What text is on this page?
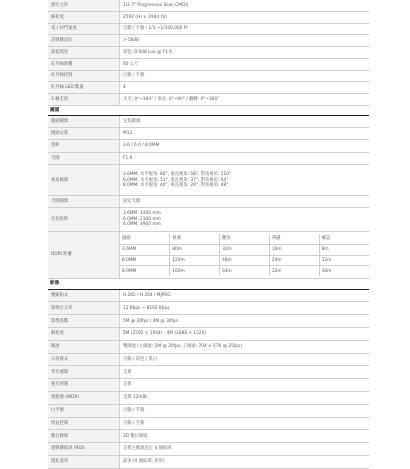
感光元件	1/2.7" Progressive Scan CMOS
解析度	2592 (H) × 1944 (V)
電子快門速度	自動 / 手動 / 1/3 ~1/100,000 秒
訊號雜訊比	> 56dB
最低照度	彩色: 0.008 Lux @ F1.6
紅外線距離	80 公尺
紅外線控制	自動 / 手動
紅外線 LED 數量	4
3 軸支架	水平: 0°~360° / 垂直: 0°~90° / 翻轉: 0°~360°
鏡頭
鏡頭種類	定焦鏡頭
鏡頭安裝	M12
焦距	3.6 / 6.0 / 8.0MM
光圈	F1.6
視角範圍	
3.6MM: 水平視角: 84°, 垂直視角: 58°, 對角視角: 110°
6.0MM: 水平視角: 51°, 垂直視角: 37°, 對角視角: 64°
8.0MM: 水平視角: 40°, 垂直視角: 29°, 對角視角: 48°

光圈種類	固定光圈
近拍焦距	
3.6MM: 1400 mm
6.0MM: 2100 mm
8.0MM: 4900 mm

DORI 距離	
鏡頭	偵測	觀察	辨識	確認
3.6MM	80m	32m	16m	8m
6.0MM	120m	48m	24m	12m
8.0MM	160m	64m	32m	16m

影像
壓縮格式	H.265 / H.264 / MJPEG
影像位元率	12 Kbps ~ 8192 Kbps
影像張數	5M @ 20fps / 4M @ 30fps
解析度	5M (2592 × 1944) - 4M (2688 × 1520)
碼流	雙碼流 (主碼流: 5M @ 20fps, 子碼流: 704 × 576 @ 25fps)
日夜模式	自動 / 彩色 / 黑白
背光補償	支援
強光抑制	支援
寬動態 (WDR)	支援 120dB
白平衡	自動 / 手動
增益控制	自動 / 手動
數位降噪	3D 數位降噪
感興趣區域 (ROI)	支援主碼流設定 4 個區域
隱私遮罩	最多 (4 個區域, 矩形)
